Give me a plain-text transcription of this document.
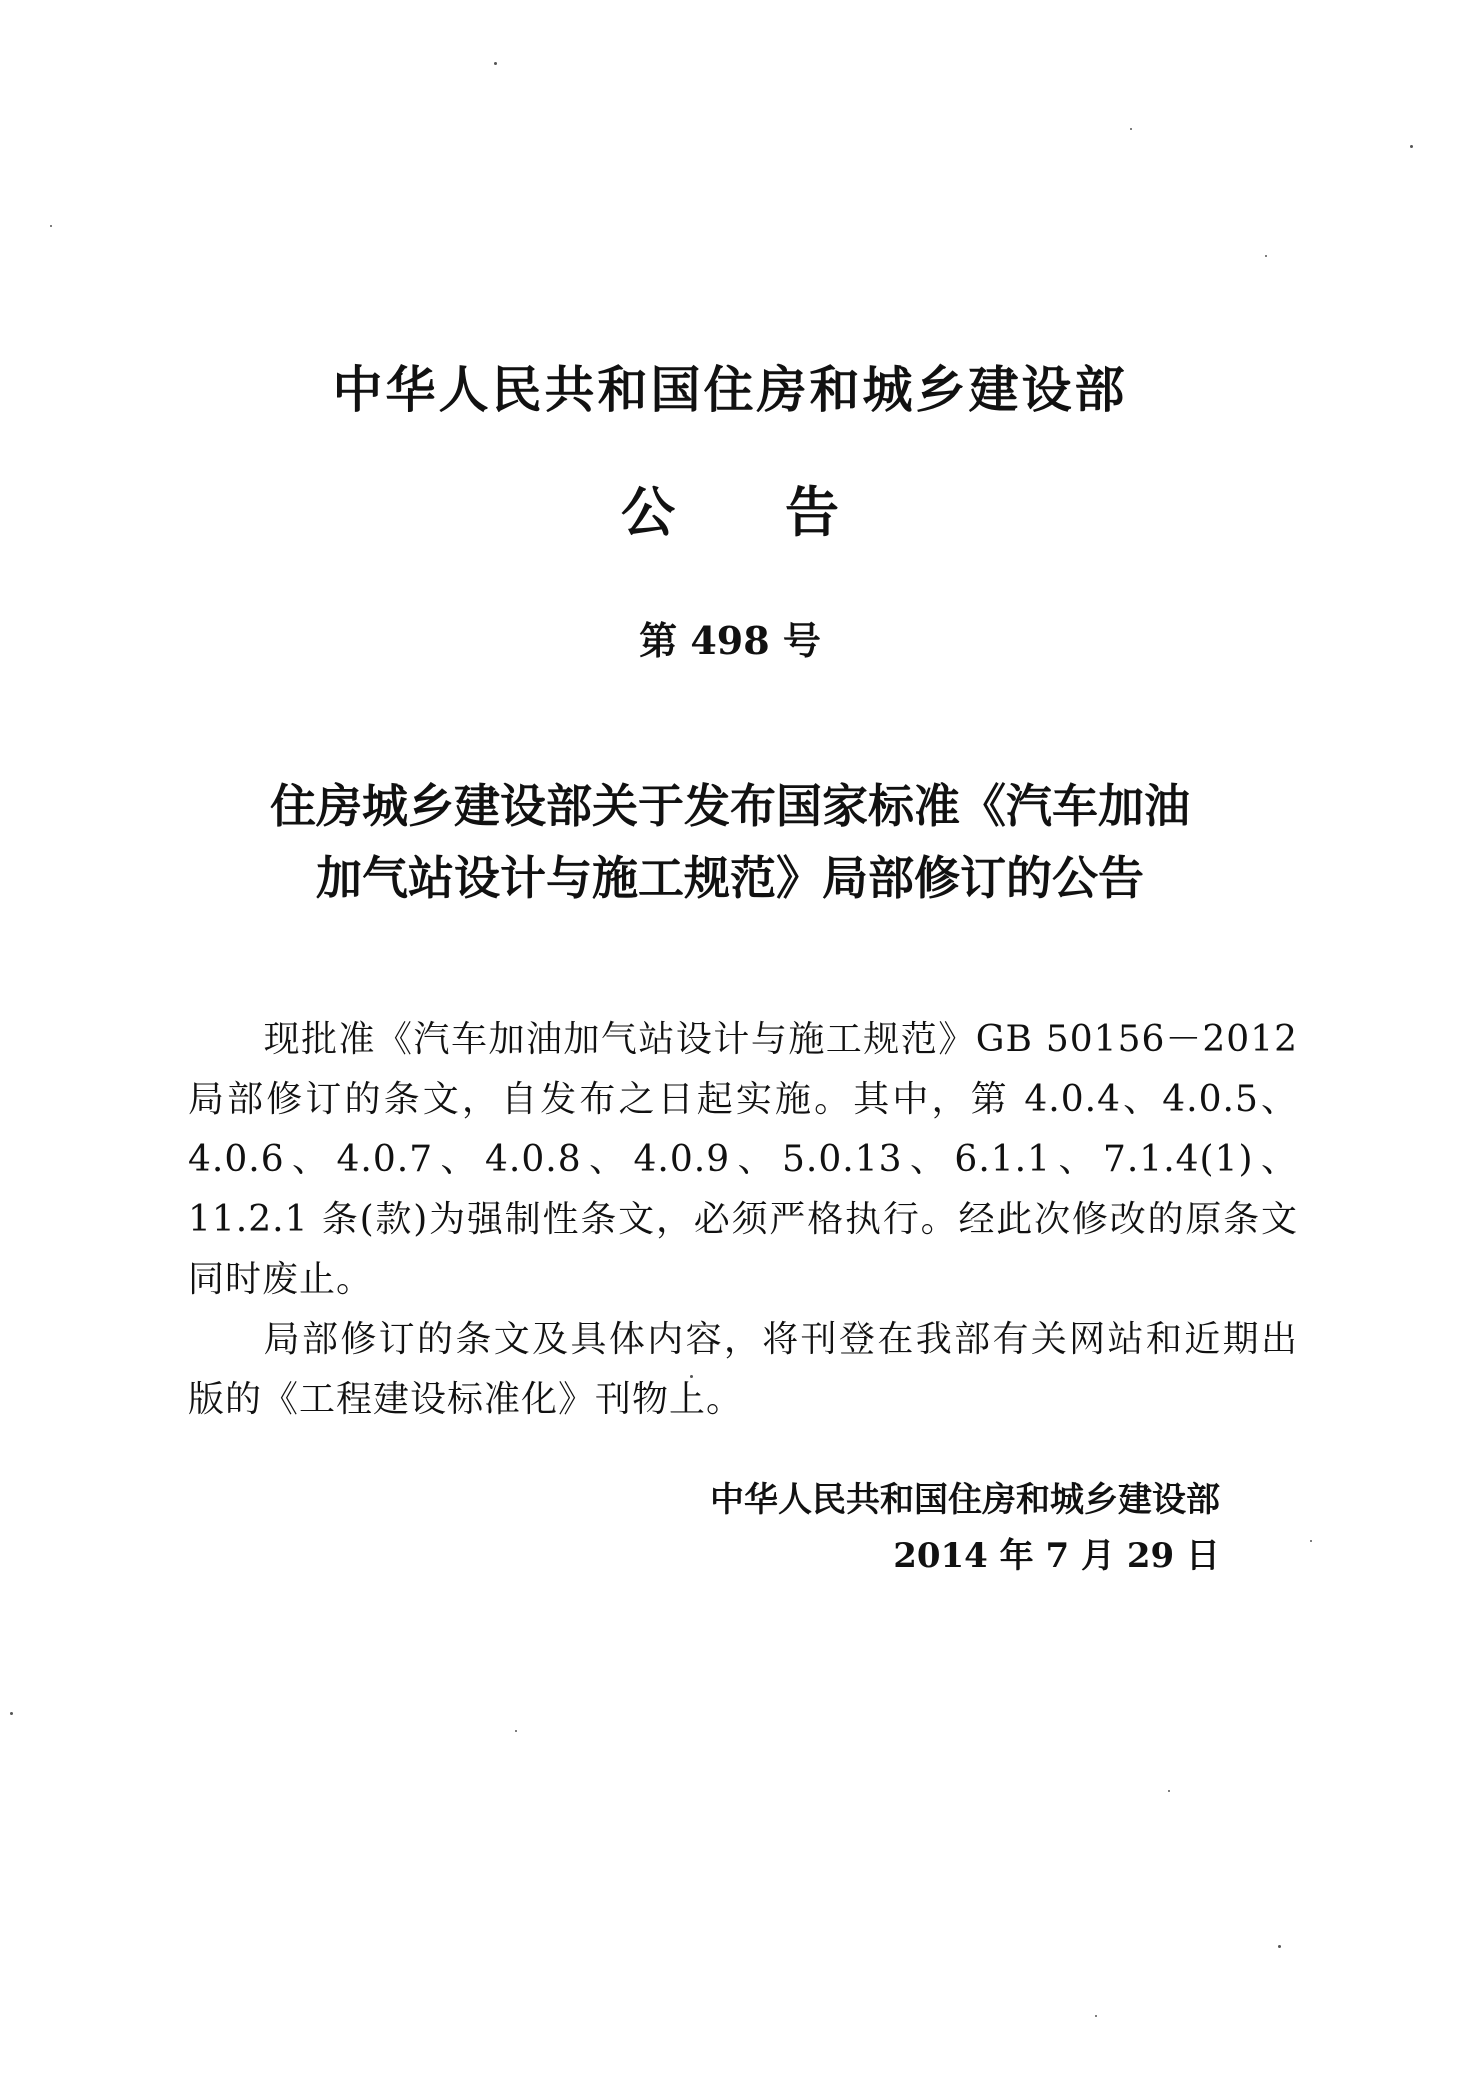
中华人民共和国住房和城乡建设部
公告
第 498 号
住房城乡建设部关于发布国家标准《汽车加油
加气站设计与施工规范》局部修订的公告

现批准《汽车加油加气站设计与施工规范》GB 50156－2012局部修订的条文，自发布之日起实施。其中，第 4.0.4、4.0.5、4.0.6、4.0.7、4.0.8、4.0.9、5.0.13、6.1.1、7.1.4(1)、11.2.1 条(款)为强制性条文，必须严格执行。经此次修改的原条文同时废止。

局部修订的条文及具体内容，将刊登在我部有关网站和近期出版的《工程建设标准化》刊物上。

中华人民共和国住房和城乡建设部
2014 年 7 月 29 日
